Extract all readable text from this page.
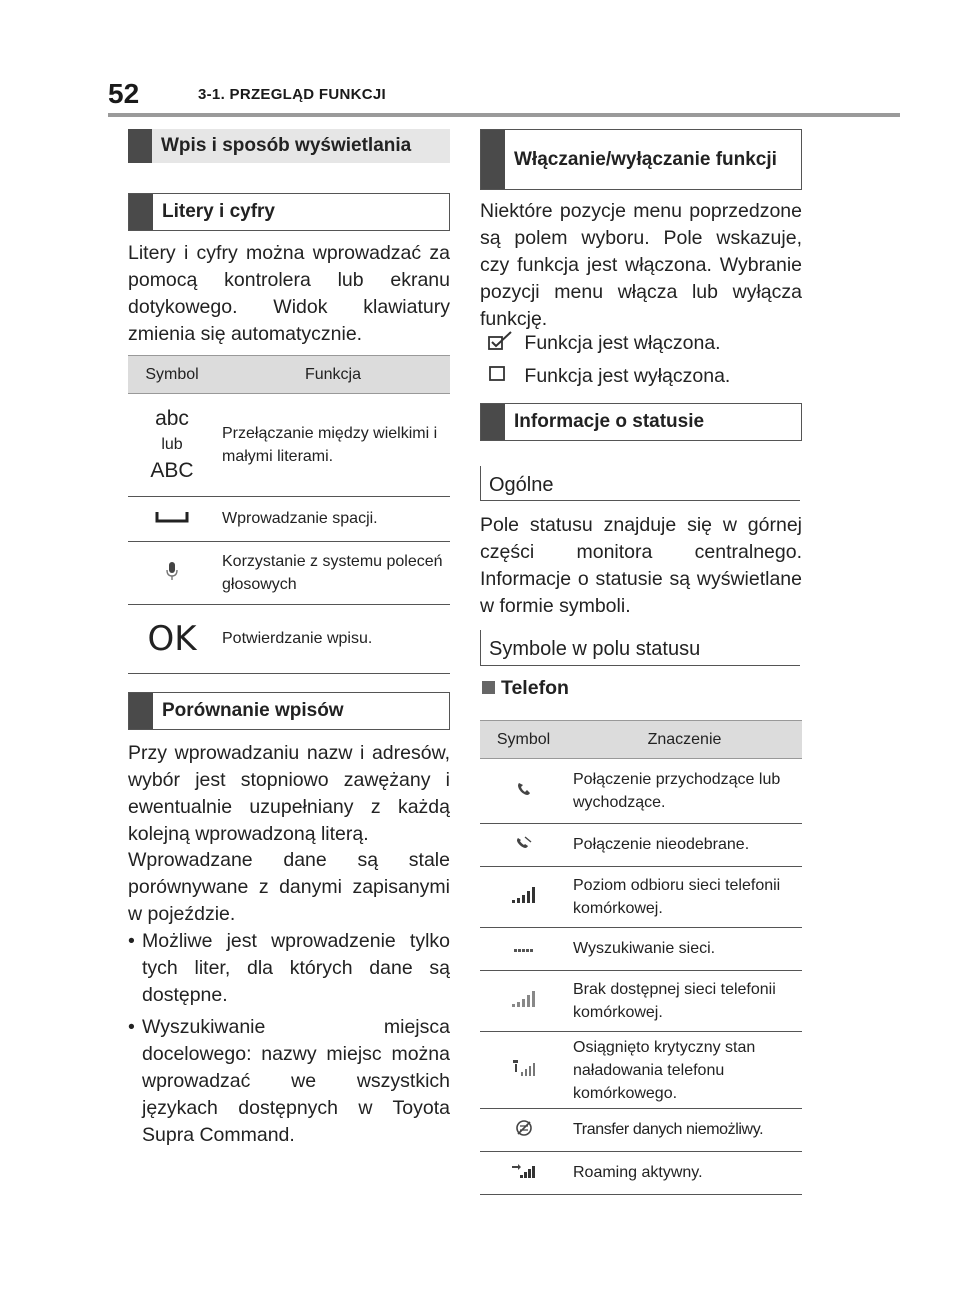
52	3-1. PRZEGLĄD FUNKCJI
Wpis i sposób wyświetlania
Litery i cyfry
Litery i cyfry można wprowadzać za pomocą kontrolera lub ekranu dotykowego. Widok klawiatury zmienia się automatycznie.
Symbol	Funkcja

abc
lub
ABC	Przełączanie między wielkimi i małymi literami.
	Wprowadzanie spacji.
	Korzystanie z systemu poleceń głosowych
OK	Potwierdzanie wpisu.
Porównanie wpisów
Przy wprowadzaniu nazw i adresów, wybór jest stopniowo zawężany i ewentualnie uzupełniany z każdą kolejną wprowadzoną literą.
Wprowadzane dane są stale porównywane z danymi zapisanymi w pojeździe.
• Możliwe jest wprowadzenie tylko tych liter, dla których dane są dostępne.
• Wyszukiwanie miejsca docelowego: nazwy miejsc można wprowadzać we wszystkich językach dostępnych w Toyota Supra Command.
Włączanie/wyłączanie funkcji
Niektóre pozycje menu poprzedzone są polem wyboru. Pole wskazuje, czy funkcja jest włączona. Wybranie pozycji menu włącza lub wyłącza funkcję.
Funkcja jest włączona.
Funkcja jest wyłączona.
Informacje o statusie
Ogólne
Pole statusu znajduje się w górnej części monitora centralnego. Informacje o statusie są wyświetlane w formie symboli.
Symbole w polu statusu
Telefon
Symbol	Znaczenie
	Połączenie przychodzące lub wychodzące.
	Połączenie nieodebrane.
	Poziom odbioru sieci telefonii komórkowej.
	Wyszukiwanie sieci.
	Brak dostępnej sieci telefonii komórkowej.
	Osiągnięto krytyczny stan naładowania telefonu komórkowego.
	Transfer danych niemożliwy.
	Roaming aktywny.
